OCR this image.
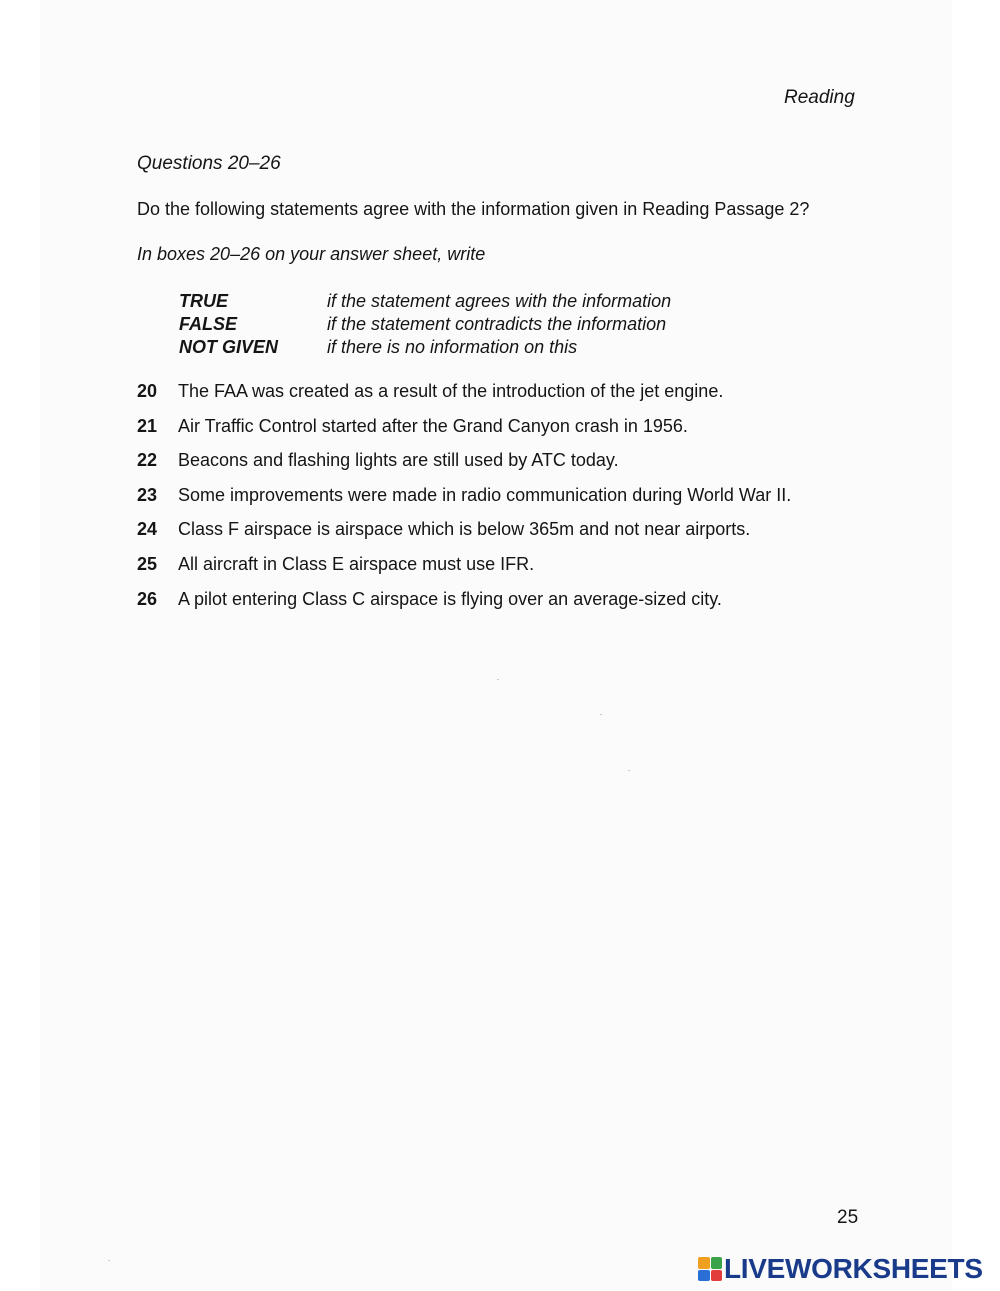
Reading
Questions 20–26
Do the following statements agree with the information given in Reading Passage 2?
In boxes 20–26 on your answer sheet, write
TRUE	if the statement agrees with the information
FALSE	if the statement contradicts the information
NOT GIVEN	if there is no information on this
20	The FAA was created as a result of the introduction of the jet engine.
21	Air Traffic Control started after the Grand Canyon crash in 1956.
22	Beacons and flashing lights are still used by ATC today.
23	Some improvements were made in radio communication during World War II.
24	Class F airspace is airspace which is below 365m and not near airports.
25	All aircraft in Class E airspace must use IFR.
26	A pilot entering Class C airspace is flying over an average-sized city.
25
LIVEWORKSHEETS
